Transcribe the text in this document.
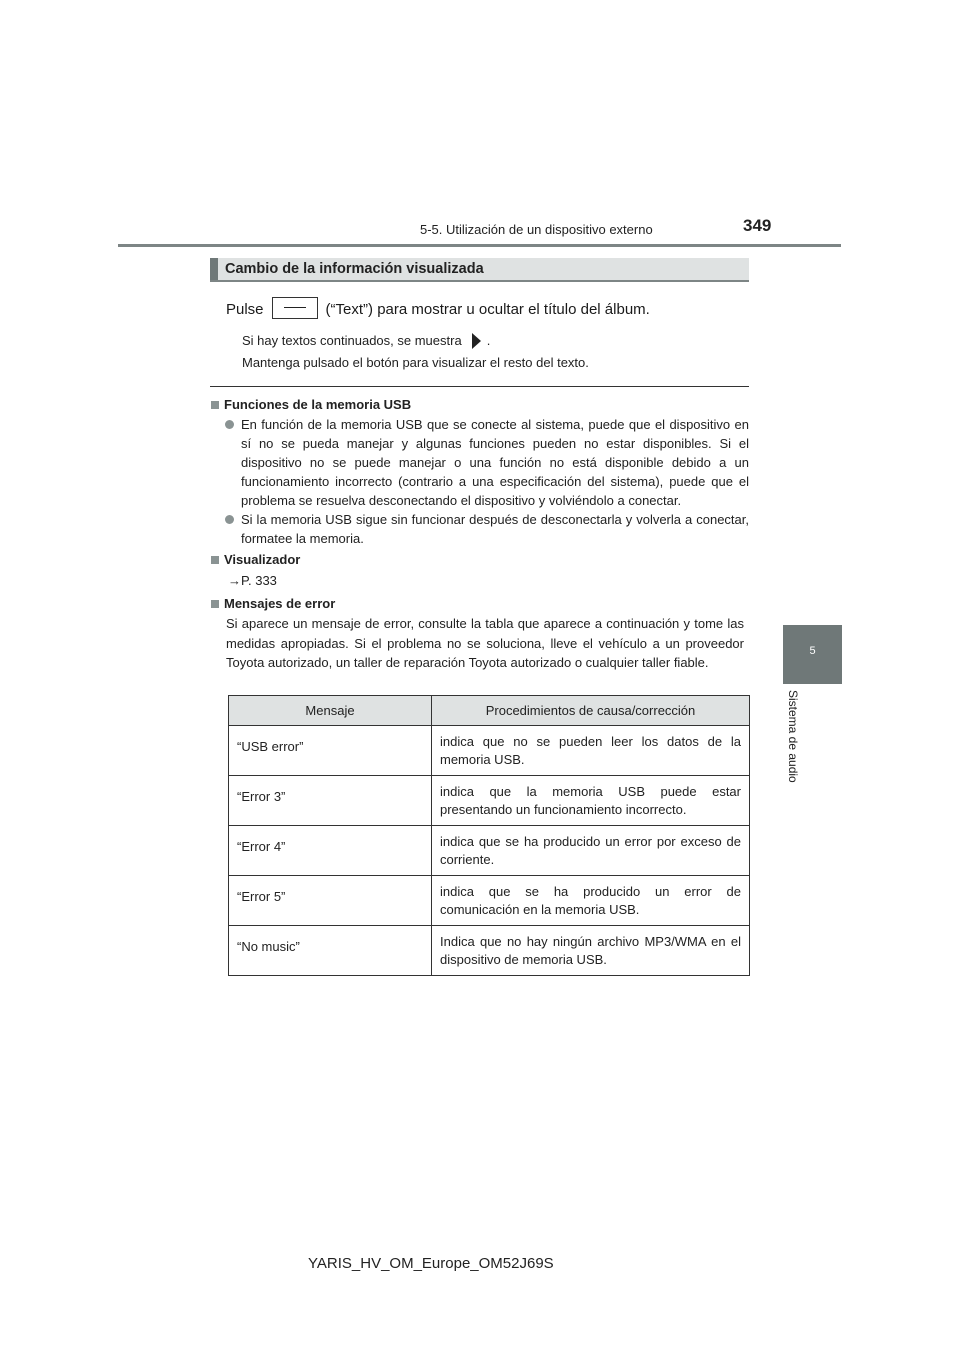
5-5. Utilización de un dispositivo externo	349
5
Sistema de audio
Cambio de la información visualizada
Pulse	(“Text”) para mostrar u ocultar el título del álbum.
Si hay textos continuados, se muestra .
Mantenga pulsado el botón para visualizar el resto del texto.
Funciones de la memoria USB
En función de la memoria USB que se conecte al sistema, puede que el dispositivo en sí no se pueda manejar y algunas funciones pueden no estar disponibles. Si el dispositivo no se puede manejar o una función no está disponible debido a un funcionamiento incorrecto (contrario a una especificación del sistema), puede que el problema se resuelva desconectando el dispositivo y volviéndolo a conectar.
Si la memoria USB sigue sin funcionar después de desconectarla y volverla a conectar, formatee la memoria.
Visualizador
→P. 333
Mensajes de error
Si aparece un mensaje de error, consulte la tabla que aparece a continuación y tome las medidas apropiadas. Si el problema no se soluciona, lleve el vehículo a un proveedor Toyota autorizado, un taller de reparación Toyota autorizado o cualquier taller fiable.
Mensaje	Procedimientos de causa/corrección
“USB error”	indica que no se pueden leer los datos de la memoria USB.
“Error 3”	indica que la memoria USB puede estar presentando un funcionamiento incorrecto.
“Error 4”	indica que se ha producido un error por exceso de corriente.
“Error 5”	indica que se ha producido un error de comunicación en la memoria USB.
“No music”	Indica que no hay ningún archivo MP3/WMA en el dispositivo de memoria USB.
YARIS_HV_OM_Europe_OM52J69S
